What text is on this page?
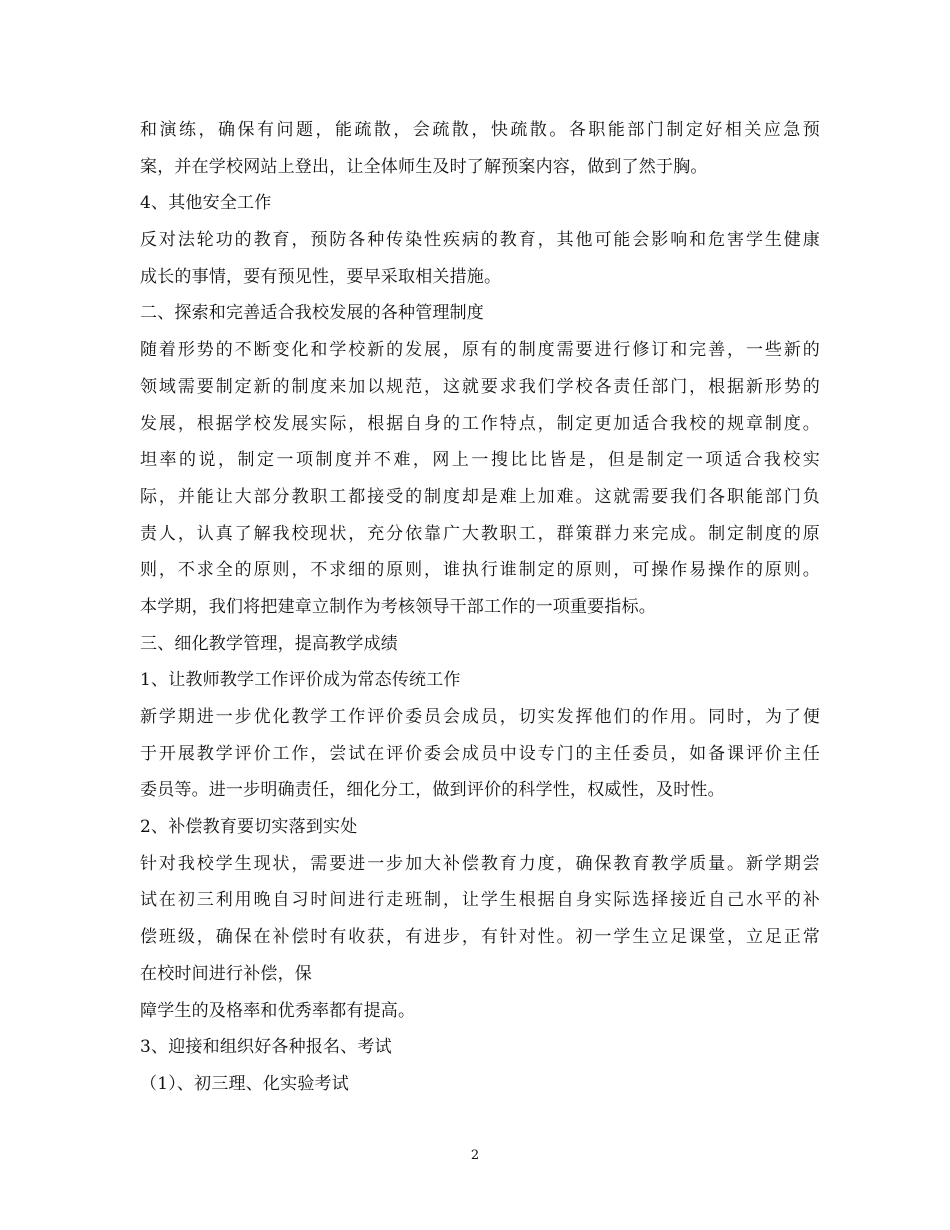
和演练，确保有问题，能疏散，会疏散，快疏散。各职能部门制定好相关应急预
案，并在学校网站上登出，让全体师生及时了解预案内容，做到了然于胸。
4、其他安全工作
反对法轮功的教育，预防各种传染性疾病的教育，其他可能会影响和危害学生健康
成长的事情，要有预见性，要早采取相关措施。
二、探索和完善适合我校发展的各种管理制度
随着形势的不断变化和学校新的发展，原有的制度需要进行修订和完善，一些新的
领域需要制定新的制度来加以规范，这就要求我们学校各责任部门，根据新形势的
发展，根据学校发展实际，根据自身的工作特点，制定更加适合我校的规章制度。
坦率的说，制定一项制度并不难，网上一搜比比皆是，但是制定一项适合我校实
际，并能让大部分教职工都接受的制度却是难上加难。这就需要我们各职能部门负
责人，认真了解我校现状，充分依靠广大教职工，群策群力来完成。制定制度的原
则，不求全的原则，不求细的原则，谁执行谁制定的原则，可操作易操作的原则。
本学期，我们将把建章立制作为考核领导干部工作的一项重要指标。
三、细化教学管理，提高教学成绩
1、让教师教学工作评价成为常态传统工作
新学期进一步优化教学工作评价委员会成员，切实发挥他们的作用。同时，为了便
于开展教学评价工作，尝试在评价委会成员中设专门的主任委员，如备课评价主任
委员等。进一步明确责任，细化分工，做到评价的科学性，权威性，及时性。
2、补偿教育要切实落到实处
针对我校学生现状，需要进一步加大补偿教育力度，确保教育教学质量。新学期尝
试在初三利用晚自习时间进行走班制，让学生根据自身实际选择接近自己水平的补
偿班级，确保在补偿时有收获，有进步，有针对性。初一学生立足课堂，立足正常
在校时间进行补偿，保
障学生的及格率和优秀率都有提高。
3、迎接和组织好各种报名、考试
（1）、初三理、化实验考试
2
